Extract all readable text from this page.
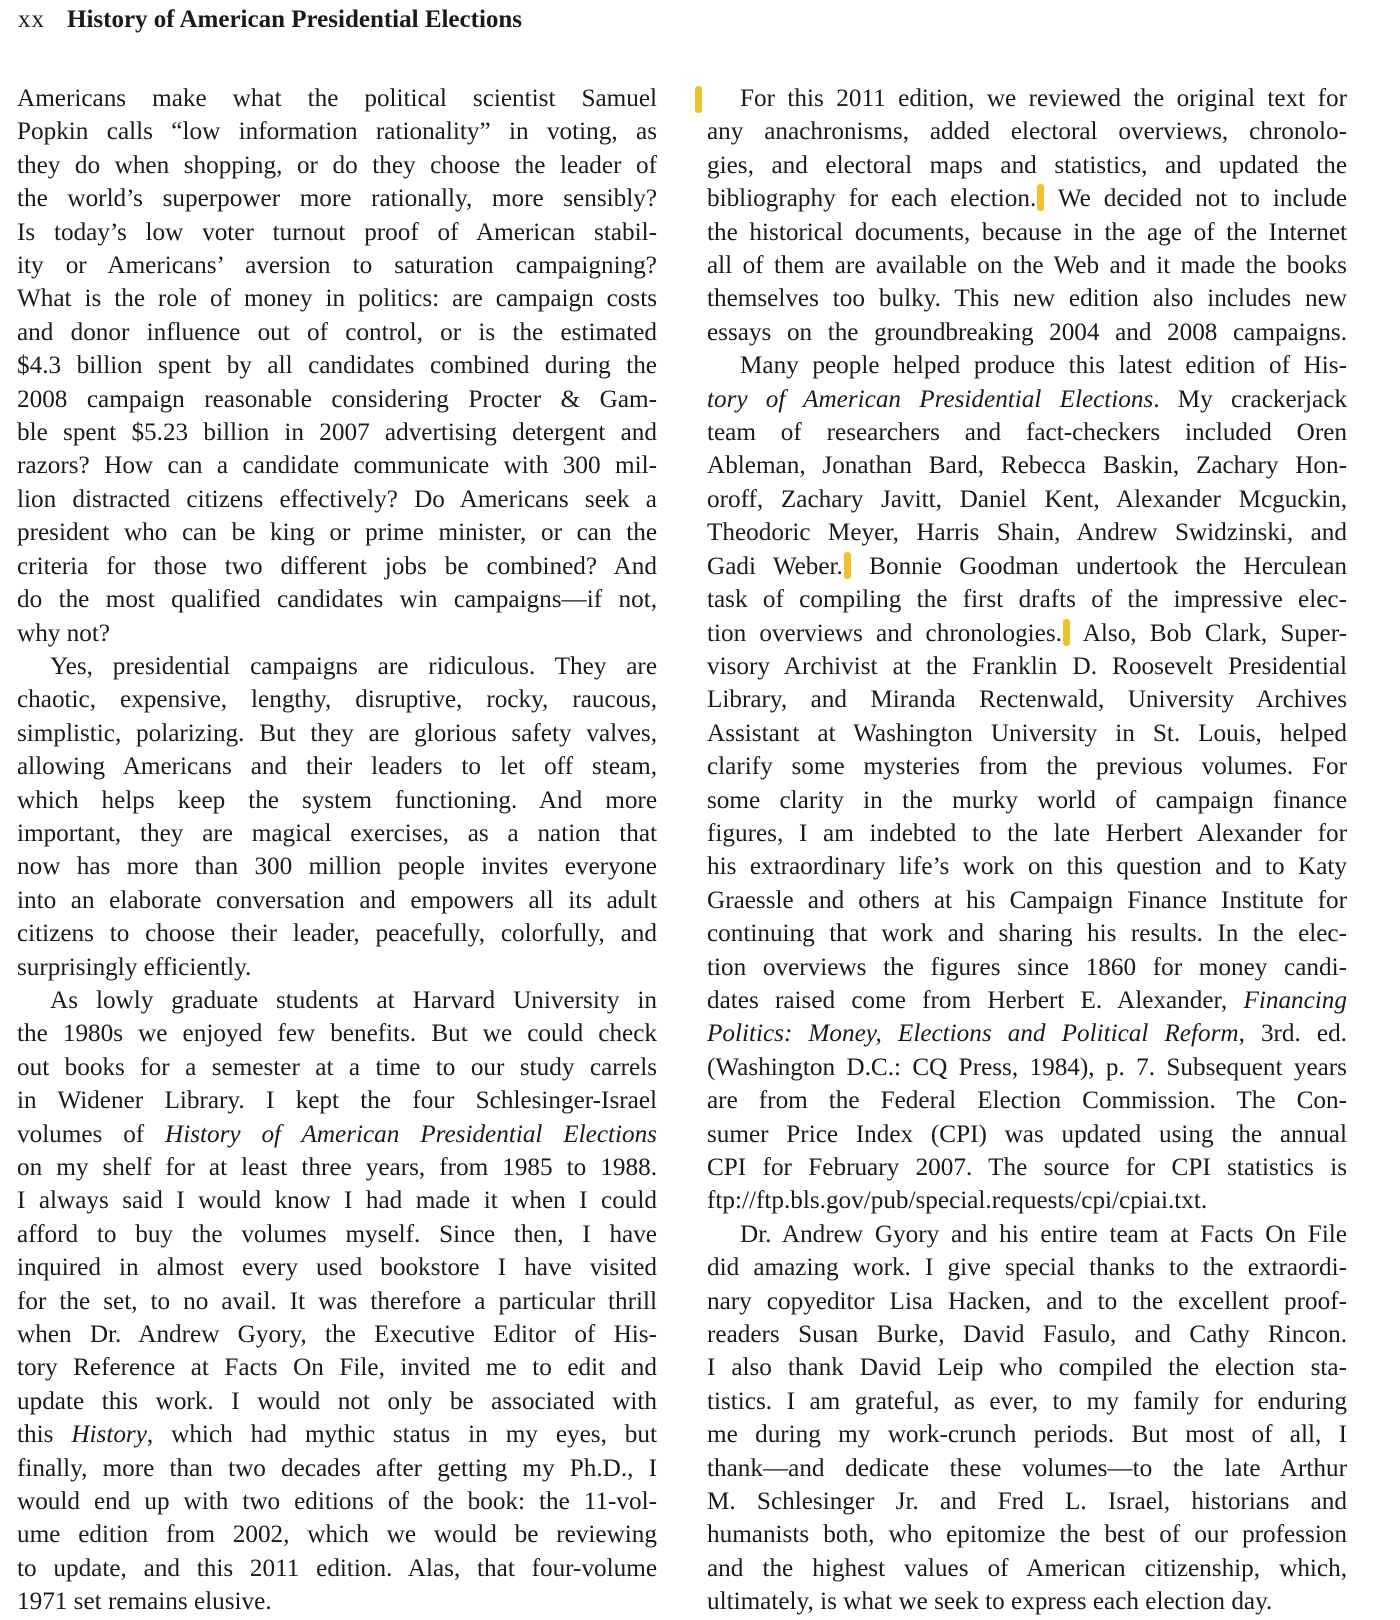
xx History of American Presidential Elections
Americans make what the political scientist Samuel
Popkin calls “low information rationality” in voting, as
they do when shopping, or do they choose the leader of
the world’s superpower more rationally, more sensibly?
Is today’s low voter turnout proof of American stabil-
ity or Americans’ aversion to saturation campaigning?
What is the role of money in politics: are campaign costs
and donor influence out of control, or is the estimated
$4.3 billion spent by all candidates combined during the
2008 campaign reasonable considering Procter & Gam-
ble spent $5.23 billion in 2007 advertising detergent and
razors? How can a candidate communicate with 300 mil-
lion distracted citizens effectively? Do Americans seek a
president who can be king or prime minister, or can the
criteria for those two different jobs be combined? And
do the most qualified candidates win campaigns—if not,
why not?
Yes, presidential campaigns are ridiculous. They are
chaotic, expensive, lengthy, disruptive, rocky, raucous,
simplistic, polarizing. But they are glorious safety valves,
allowing Americans and their leaders to let off steam,
which helps keep the system functioning. And more
important, they are magical exercises, as a nation that
now has more than 300 million people invites everyone
into an elaborate conversation and empowers all its adult
citizens to choose their leader, peacefully, colorfully, and
surprisingly efficiently.
As lowly graduate students at Harvard University in
the 1980s we enjoyed few benefits. But we could check
out books for a semester at a time to our study carrels
in Widener Library. I kept the four Schlesinger-Israel
volumes of History of American Presidential Elections
on my shelf for at least three years, from 1985 to 1988.
I always said I would know I had made it when I could
afford to buy the volumes myself. Since then, I have
inquired in almost every used bookstore I have visited
for the set, to no avail. It was therefore a particular thrill
when Dr. Andrew Gyory, the Executive Editor of His-
tory Reference at Facts On File, invited me to edit and
update this work. I would not only be associated with
this History, which had mythic status in my eyes, but
finally, more than two decades after getting my Ph.D., I
would end up with two editions of the book: the 11-vol-
ume edition from 2002, which we would be reviewing
to update, and this 2011 edition. Alas, that four-volume
1971 set remains elusive.
For this 2011 edition, we reviewed the original text for
any anachronisms, added electoral overviews, chronolo-
gies, and electoral maps and statistics, and updated the
bibliography for each election. We decided not to include
the historical documents, because in the age of the Internet
all of them are available on the Web and it made the books
themselves too bulky. This new edition also includes new
essays on the groundbreaking 2004 and 2008 campaigns.
Many people helped produce this latest edition of His-
tory of American Presidential Elections. My crackerjack
team of researchers and fact-checkers included Oren
Ableman, Jonathan Bard, Rebecca Baskin, Zachary Hon-
oroff, Zachary Javitt, Daniel Kent, Alexander Mcguckin,
Theodoric Meyer, Harris Shain, Andrew Swidzinski, and
Gadi Weber. Bonnie Goodman undertook the Herculean
task of compiling the first drafts of the impressive elec-
tion overviews and chronologies. Also, Bob Clark, Super-
visory Archivist at the Franklin D. Roosevelt Presidential
Library, and Miranda Rectenwald, University Archives
Assistant at Washington University in St. Louis, helped
clarify some mysteries from the previous volumes. For
some clarity in the murky world of campaign finance
figures, I am indebted to the late Herbert Alexander for
his extraordinary life’s work on this question and to Katy
Graessle and others at his Campaign Finance Institute for
continuing that work and sharing his results. In the elec-
tion overviews the figures since 1860 for money candi-
dates raised come from Herbert E. Alexander, Financing
Politics: Money, Elections and Political Reform, 3rd. ed.
(Washington D.C.: CQ Press, 1984), p. 7. Subsequent years
are from the Federal Election Commission. The Con-
sumer Price Index (CPI) was updated using the annual
CPI for February 2007. The source for CPI statistics is
ftp://ftp.bls.gov/pub/special.requests/cpi/cpiai.txt.
Dr. Andrew Gyory and his entire team at Facts On File
did amazing work. I give special thanks to the extraordi-
nary copyeditor Lisa Hacken, and to the excellent proof-
readers Susan Burke, David Fasulo, and Cathy Rincon.
I also thank David Leip who compiled the election sta-
tistics. I am grateful, as ever, to my family for enduring
me during my work-crunch periods. But most of all, I
thank—and dedicate these volumes—to the late Arthur
M. Schlesinger Jr. and Fred L. Israel, historians and
humanists both, who epitomize the best of our profession
and the highest values of American citizenship, which,
ultimately, is what we seek to express each election day.
